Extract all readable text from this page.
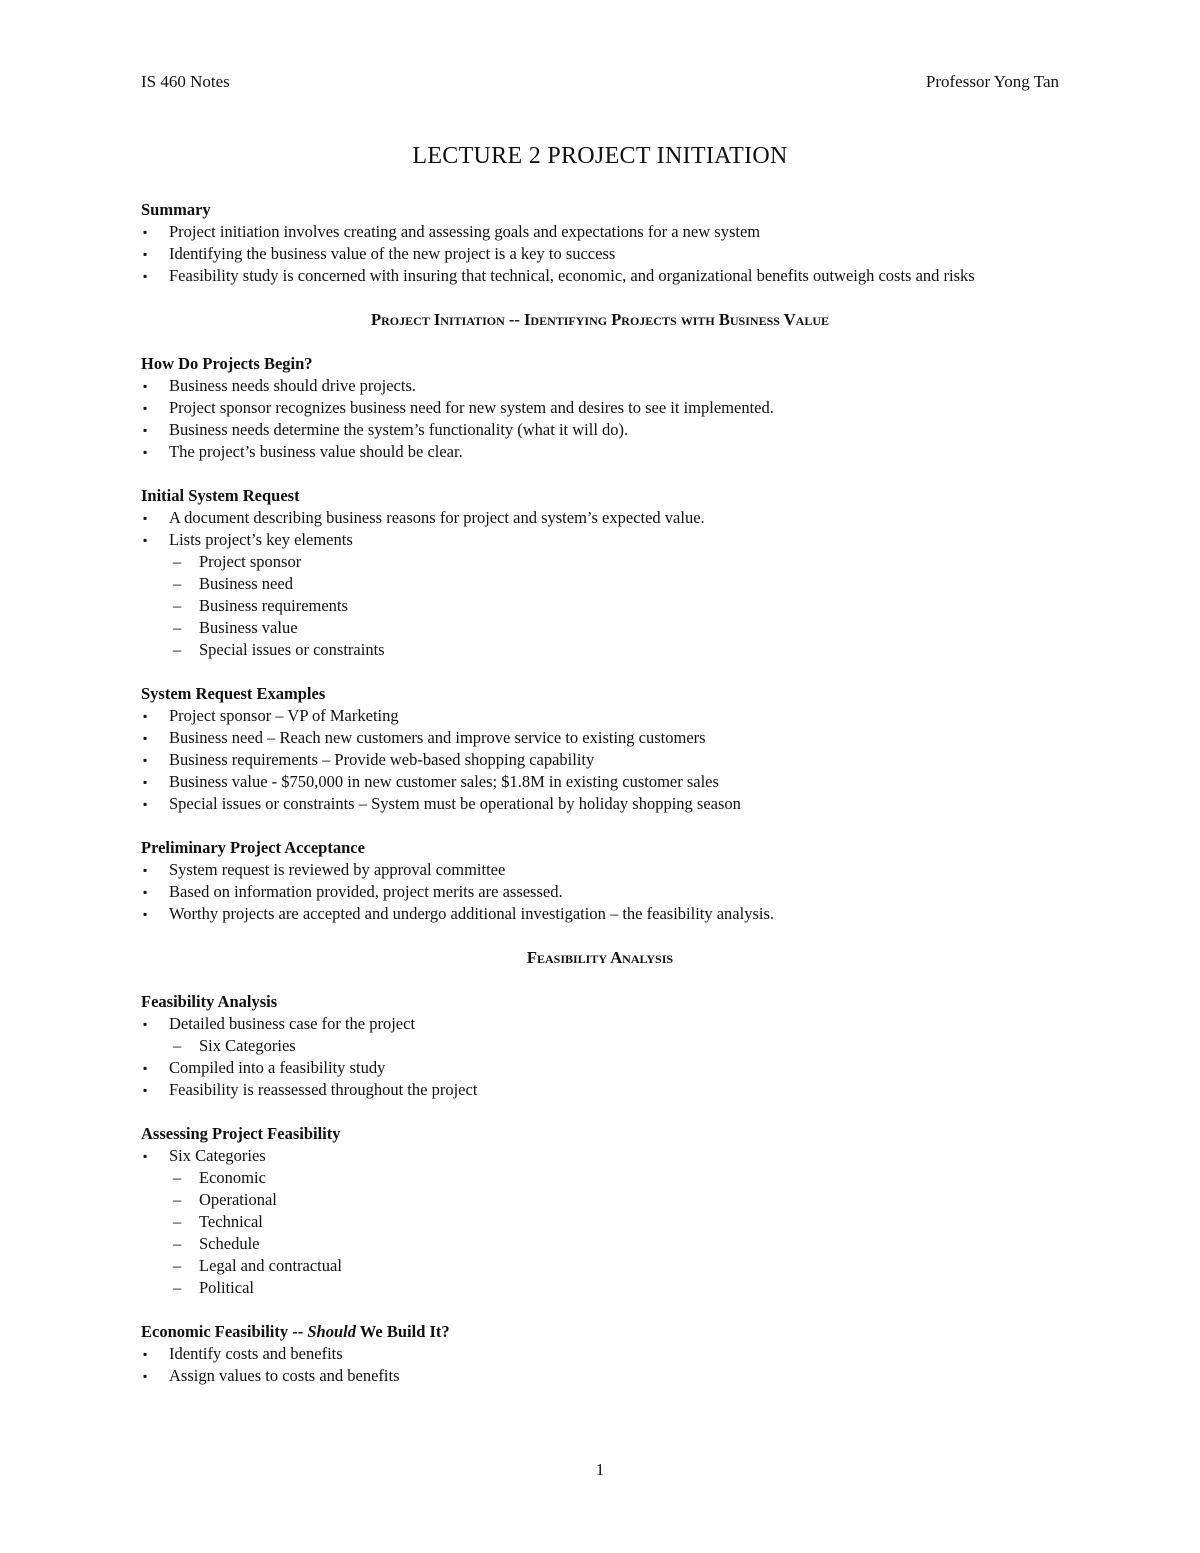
IS 460 Notes	Professor Yong Tan
LECTURE 2 PROJECT INITIATION

Summary

▪ Project initiation involves creating and assessing goals and expectations for a new system
▪ Identifying the business value of the new project is a key to success
▪ Feasibility study is concerned with insuring that technical, economic, and organizational benefits outweigh costs and risks

Project Initiation -- Identifying Projects with Business Value

How Do Projects Begin?

▪ Business needs should drive projects.
▪ Project sponsor recognizes business need for new system and desires to see it implemented.
▪ Business needs determine the system’s functionality (what it will do).
▪ The project’s business value should be clear.

Initial System Request

▪ A document describing business reasons for project and system’s expected value.
▪ Lists project’s key elements
– Project sponsor
– Business need
– Business requirements
– Business value
– Special issues or constraints

System Request Examples

▪ Project sponsor – VP of Marketing
▪ Business need – Reach new customers and improve service to existing customers
▪ Business requirements – Provide web-based shopping capability
▪ Business value - $750,000 in new customer sales; $1.8M in existing customer sales
▪ Special issues or constraints – System must be operational by holiday shopping season

Preliminary Project Acceptance

▪ System request is reviewed by approval committee
▪ Based on information provided, project merits are assessed.
▪ Worthy projects are accepted and undergo additional investigation – the feasibility analysis.

Feasibility Analysis

Feasibility Analysis

▪ Detailed business case for the project
– Six Categories
▪ Compiled into a feasibility study
▪ Feasibility is reassessed throughout the project

Assessing Project Feasibility

▪ Six Categories
– Economic
– Operational
– Technical
– Schedule
– Legal and contractual
– Political

Economic Feasibility -- Should We Build It?

▪ Identify costs and benefits
▪ Assign values to costs and benefits
1
